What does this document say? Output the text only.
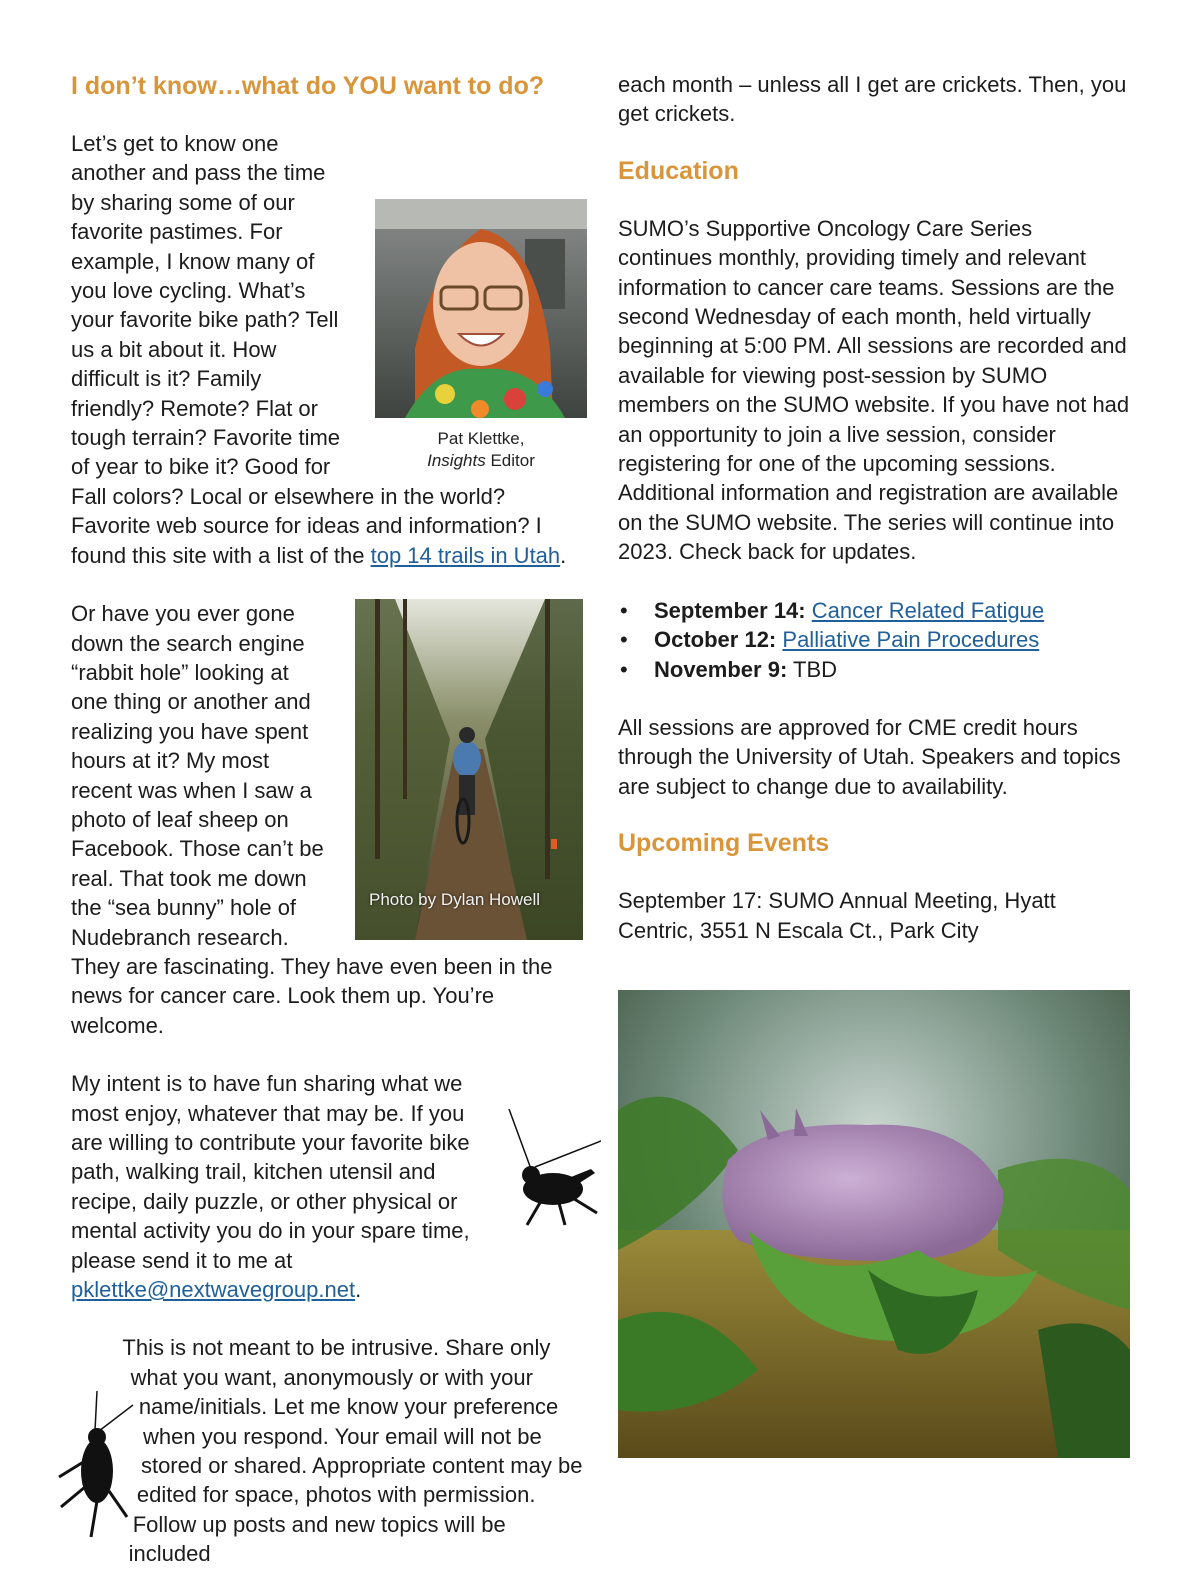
I don’t know…what do YOU want to do?
Pat Klettke,
Insights Editor

Let’s get to know one another and pass the time by sharing some of our favorite pastimes. For example, I know many of you love cycling. What’s your favorite bike path? Tell us a bit about it. How difficult is it? Family friendly? Remote? Flat or tough terrain? Favorite time of year to bike it? Good for Fall colors? Local or elsewhere in the world? Favorite web source for ideas and information? I found this site with a list of the top 14 trails in Utah.

Photo by Dylan Howell

Or have you ever gone down the search engine “rabbit hole” looking at one thing or another and realizing you have spent hours at it? My most recent was when I saw a photo of leaf sheep on Facebook. Those can’t be real. That took me down the “sea bunny” hole of Nudebranch research. They are fascinating. They have even been in the news for cancer care. Look them up. You’re welcome.

My intent is to have fun sharing what we most enjoy, whatever that may be. If you are willing to contribute your favorite bike path, walking trail, kitchen utensil and recipe, daily puzzle, or other physical or mental activity you do in your spare time, please send it to me at pklettke@nextwavegroup.net.

This is not meant to be intrusive. Share only what you want, anonymously or with your name/initials. Let me know your preference when you respond. Your email will not be stored or shared. Appropriate content may be edited for space, photos with permission. Follow up posts and new topics will be included

each month – unless all I get are crickets. Then, you get crickets.

Education

SUMO’s Supportive Oncology Care Series continues monthly, providing timely and relevant information to cancer care teams. Sessions are the second Wednesday of each month, held virtually beginning at 5:00 PM. All sessions are recorded and available for viewing post-session by SUMO members on the SUMO website. If you have not had an opportunity to join a live session, consider registering for one of the upcoming sessions. Additional information and registration are available on the SUMO website. The series will continue into 2023. Check back for updates.

• September 14: Cancer Related Fatigue
• October 12: Palliative Pain Procedures
• November 9: TBD

All sessions are approved for CME credit hours through the University of Utah. Speakers and topics are subject to change due to availability.

Upcoming Events

September 17: SUMO Annual Meeting, Hyatt Centric, 3551 N Escala Ct., Park City
